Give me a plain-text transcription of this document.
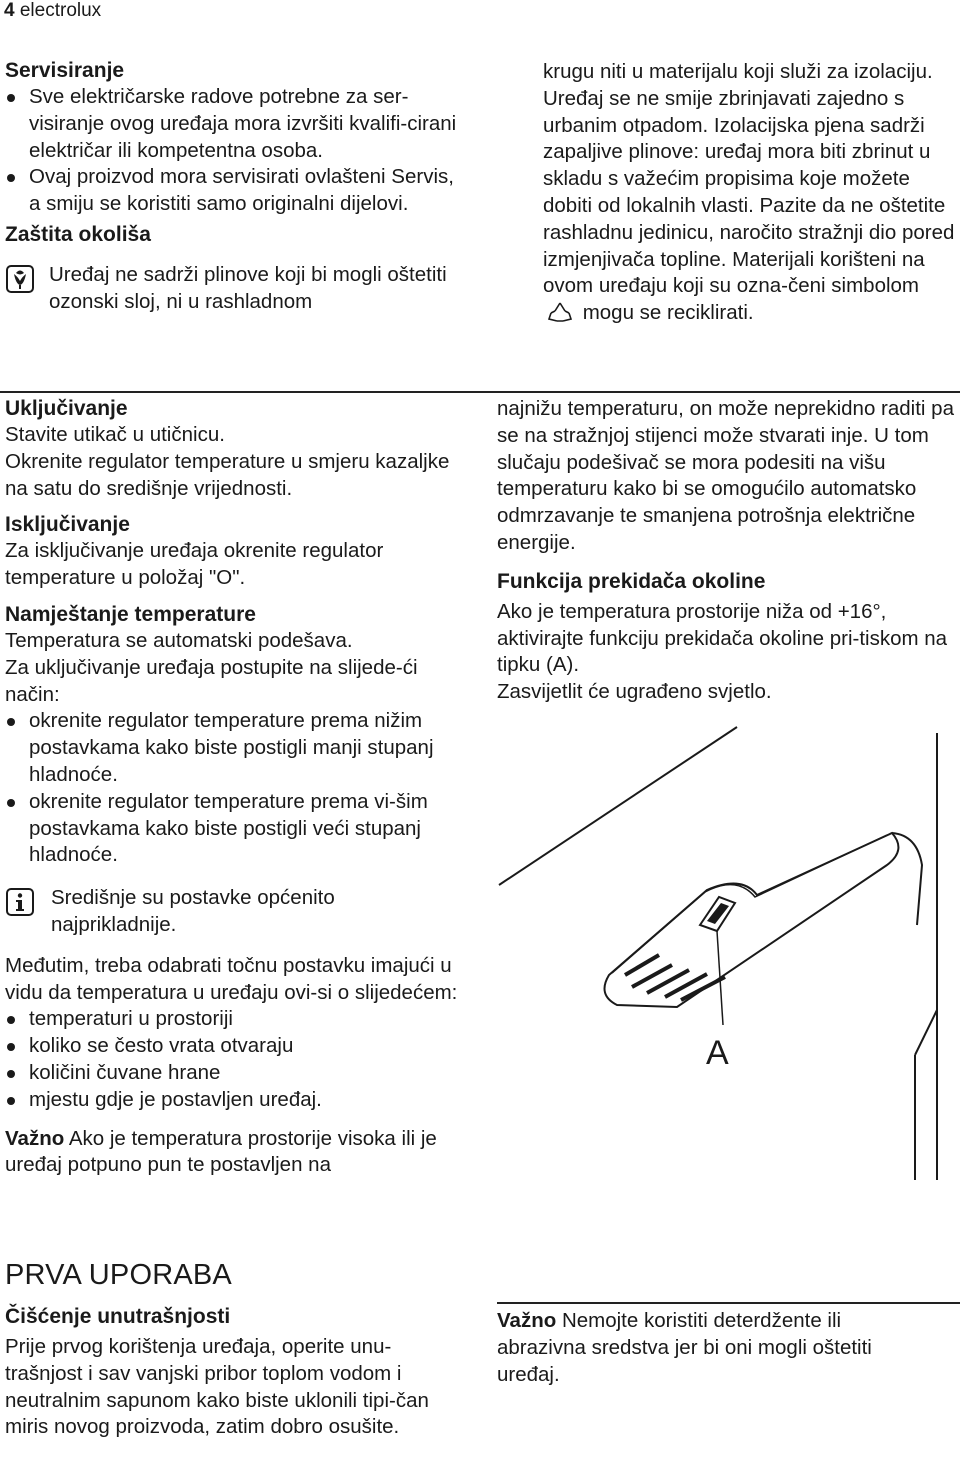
4 electrolux
Servisiranje
Sve električarske radove potrebne za ser-visiranje ovog uređaja mora izvršiti kvalifi-cirani električar ili kompetentna osoba.
Ovaj proizvod mora servisirati ovlašteni Servis, a smiju se koristiti samo originalni dijelovi.
Zaštita okoliša

Uređaj ne sadrži plinove koji bi mogli oštetiti ozonski sloj, ni u rashladnom

krugu niti u materijalu koji služi za izolaciju. Uređaj se ne smije zbrinjavati zajedno s urbanim otpadom. Izolacijska pjena sadrži zapaljive plinove: uređaj mora biti zbrinut u skladu s važećim propisima koje možete dobiti od lokalnih vlasti. Pazite da ne oštetite rashladnu jedinicu, naročito stražnji dio pored izmjenjivača topline. Materijali korišteni na ovom uređaju koji su ozna-čeni simbolom  mogu se reciklirati.

Uključivanje

Stavite utikač u utičnicu.

Okrenite regulator temperature u smjeru kazaljke na satu do središnje vrijednosti.

Isključivanje

Za isključivanje uređaja okrenite regulator temperature u položaj "O".

Namještanje temperature

Temperatura se automatski podešava.

Za uključivanje uređaja postupite na slijede-ći način:

okrenite regulator temperature prema nižim postavkama kako biste postigli manji stupanj hladnoće.
okrenite regulator temperature prema vi-šim postavkama kako biste postigli veći stupanj hladnoće.

Središnje su postavke općenito najprikladnije.

Međutim, treba odabrati točnu postavku imajući u vidu da temperatura u uređaju ovi-si o slijedećem:

temperaturi u prostoriji
koliko se često vrata otvaraju
količini čuvane hrane
mjestu gdje je postavljen uređaj.

Važno Ako je temperatura prostorije visoka ili je uređaj potpuno pun te postavljen na

najnižu temperaturu, on može neprekidno raditi pa se na stražnjoj stijenci može stvarati inje. U tom slučaju podešivač se mora podesiti na višu temperaturu kako bi se omogućilo automatsko odmrzavanje te smanjena potrošnja električne energije.

Funkcija prekidača okoline

Ako je temperatura prostorije niža od +16°, aktivirajte funkciju prekidača okoline pri-tiskom na tipku (A).

Zasvijetlit će ugrađeno svjetlo.

A
PRVA UPORABA
Čišćenje unutrašnjosti

Prije prvog korištenja uređaja, operite unu-trašnjost i sav vanjski pribor toplom vodom i neutralnim sapunom kako biste uklonili tipi-čan miris novog proizvoda, zatim dobro osušite.

Važno Nemojte koristiti deterdžente ili abrazivna sredstva jer bi oni mogli oštetiti uređaj.
